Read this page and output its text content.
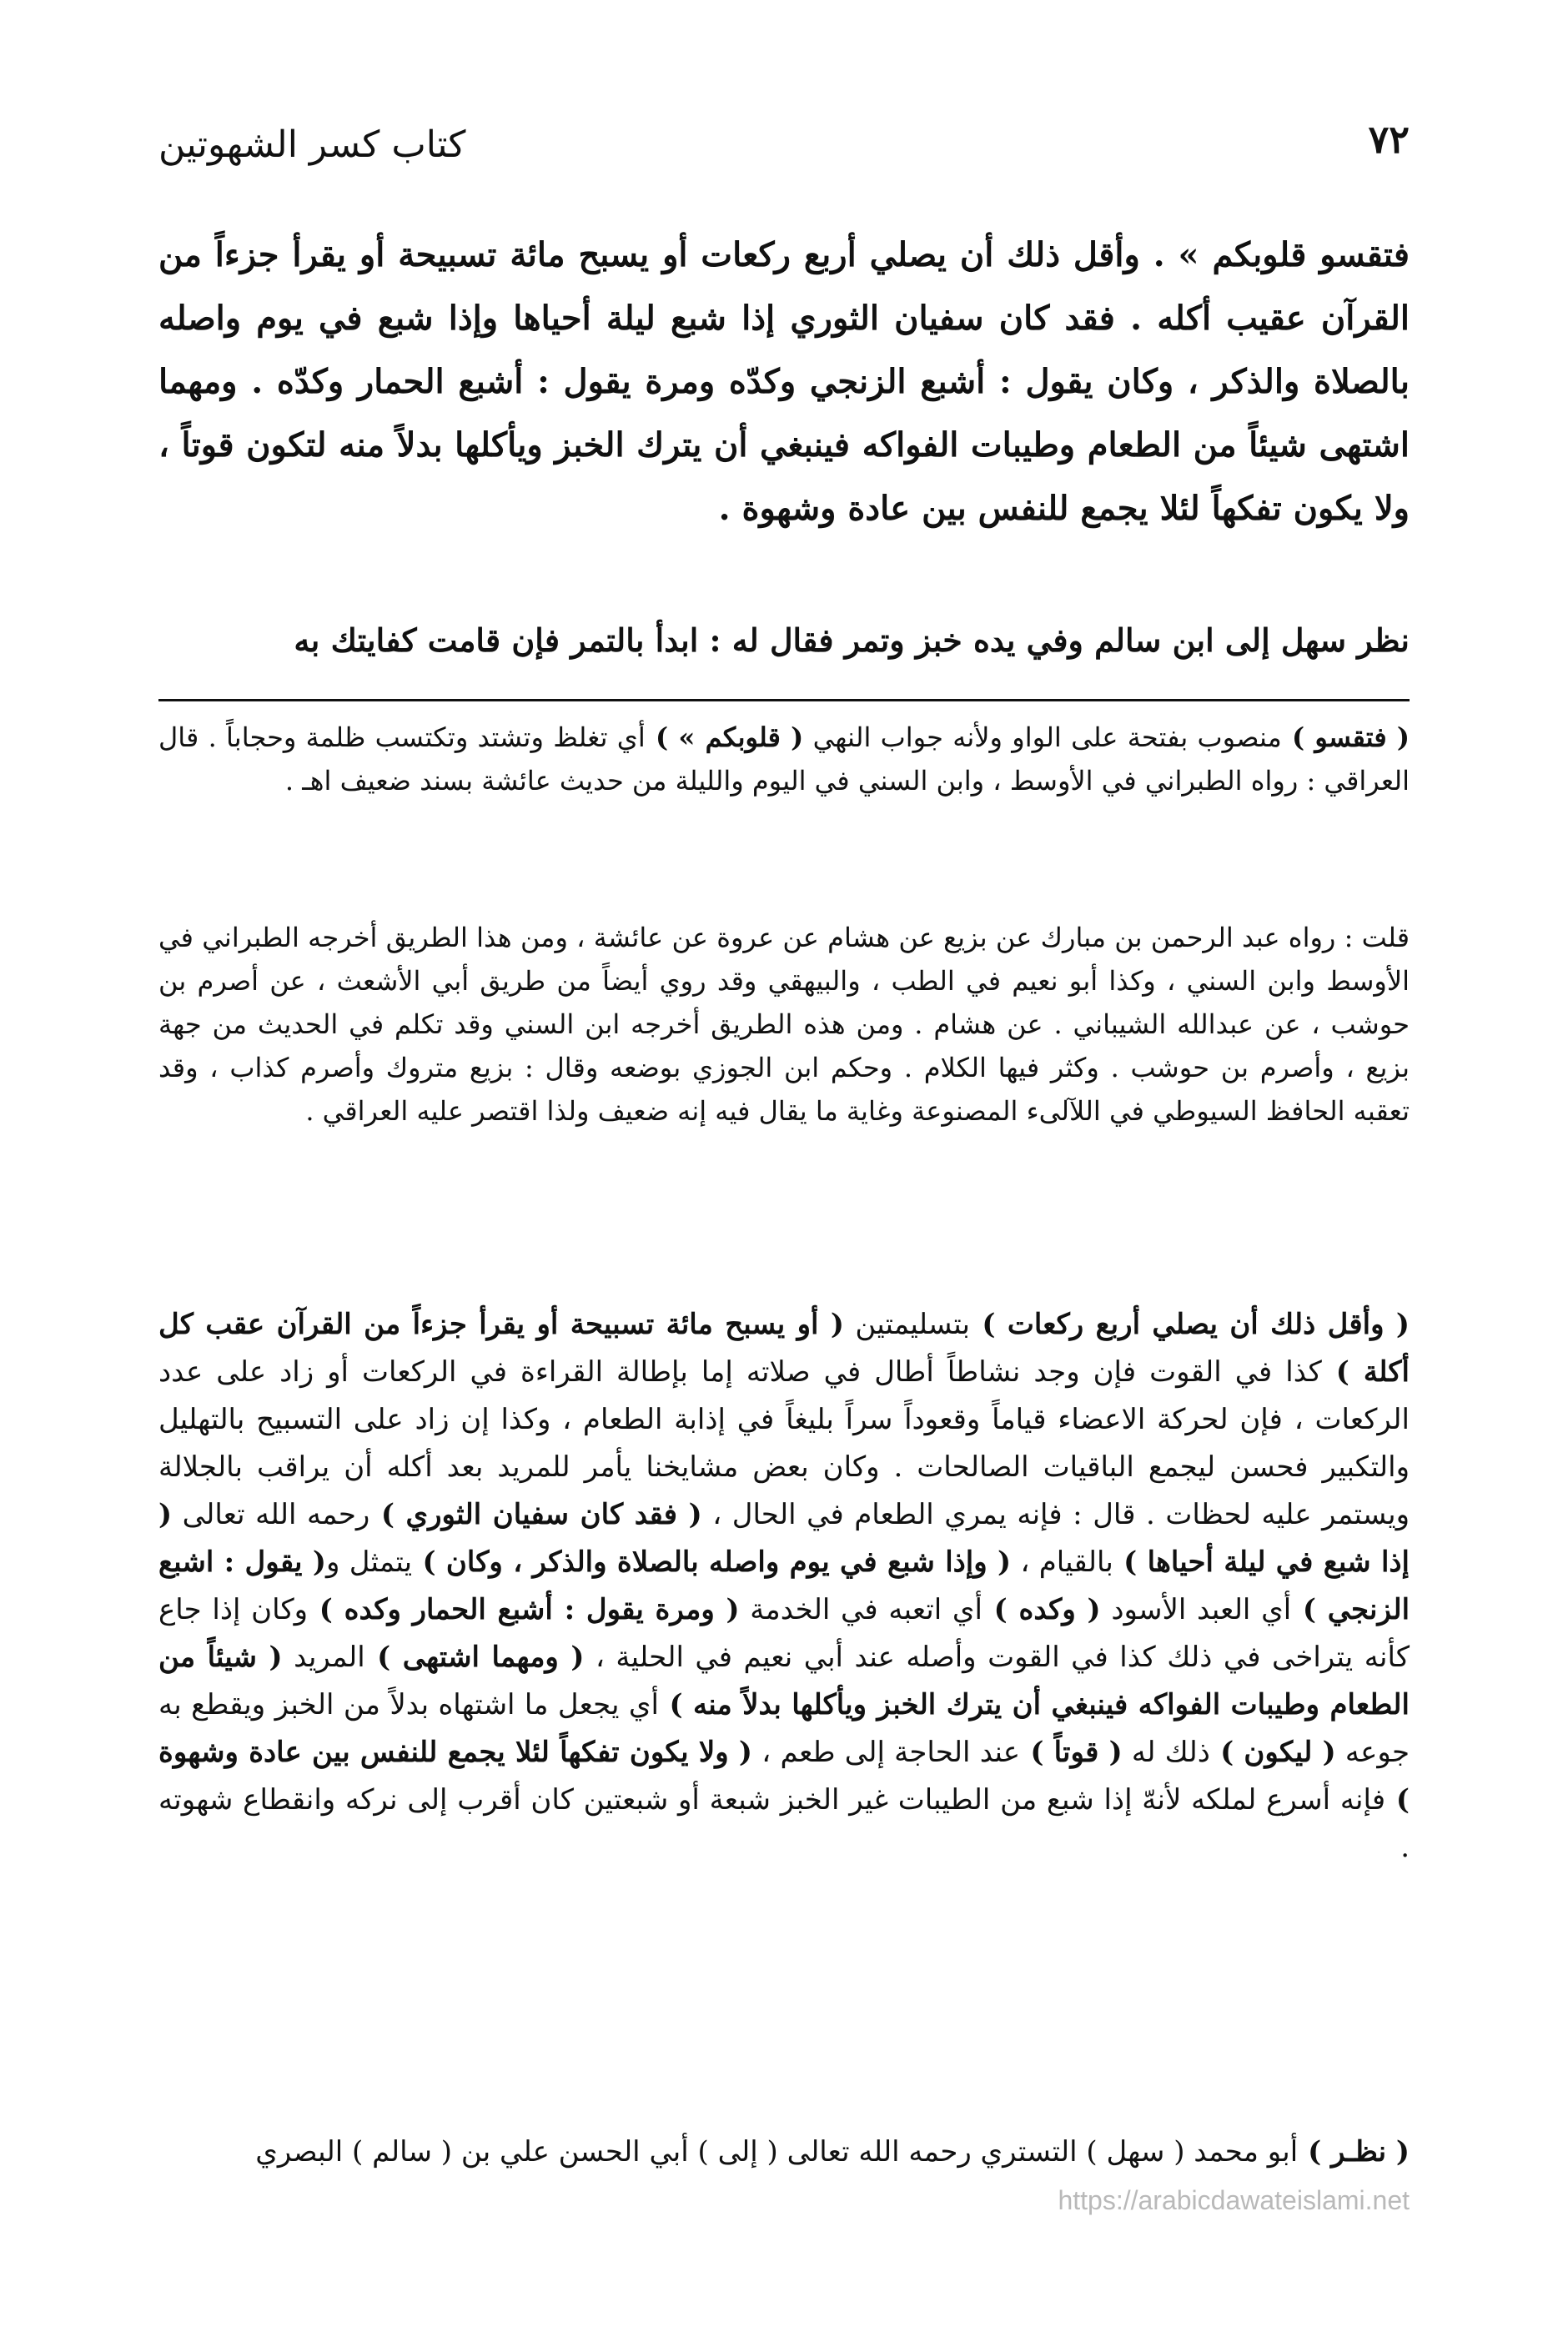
٧٢
كتاب كسر الشهوتين
فتقسو قلوبكم » . وأقل ذلك أن يصلي أربع ركعات أو يسبح مائة تسبيحة أو يقرأ جزءاً من القرآن عقيب أكله . فقد كان سفيان الثوري إذا شبع ليلة أحياها وإذا شبع في يوم واصله بالصلاة والذكر ، وكان يقول : أشبع الزنجي وكدّه ومرة يقول : أشبع الحمار وكدّه . ومهما اشتهى شيئاً من الطعام وطيبات الفواكه فينبغي أن يترك الخبز ويأكلها بدلاً منه لتكون قوتاً ، ولا يكون تفكهاً لئلا يجمع للنفس بين عادة وشهوة .
نظر سهل إلى ابن سالم وفي يده خبز وتمر فقال له : ابدأ بالتمر فإن قامت كفايتك به
( فتقسو ) منصوب بفتحة على الواو ولأنه جواب النهي ( قلوبكم » ) أي تغلظ وتشتد وتكتسب ظلمة وحجاباً . قال العراقي : رواه الطبراني في الأوسط ، وابن السني في اليوم والليلة من حديث عائشة بسند ضعيف اهـ .
قلت : رواه عبد الرحمن بن مبارك عن بزيع عن هشام عن عروة عن عائشة ، ومن هذا الطريق أخرجه الطبراني في الأوسط وابن السني ، وكذا أبو نعيم في الطب ، والبيهقي وقد روي أيضاً من طريق أبي الأشعث ، عن أصرم بن حوشب ، عن عبدالله الشيباني . عن هشام . ومن هذه الطريق أخرجه ابن السني وقد تكلم في الحديث من جهة بزيع ، وأصرم بن حوشب . وكثر فيها الكلام . وحكم ابن الجوزي بوضعه وقال : بزيع متروك وأصرم كذاب ، وقد تعقبه الحافظ السيوطي في اللآلىء المصنوعة وغاية ما يقال فيه إنه ضعيف ولذا اقتصر عليه العراقي .
( وأقل ذلك أن يصلي أربع ركعات ) بتسليمتين ( أو يسبح مائة تسبيحة أو يقرأ جزءاً من القرآن عقب كل أكلة ) كذا في القوت فإن وجد نشاطاً أطال في صلاته إما بإطالة القراءة في الركعات أو زاد على عدد الركعات ، فإن لحركة الاعضاء قياماً وقعوداً سراً بليغاً في إذابة الطعام ، وكذا إن زاد على التسبيح بالتهليل والتكبير فحسن ليجمع الباقيات الصالحات . وكان بعض مشايخنا يأمر للمريد بعد أكله أن يراقب بالجلالة ويستمر عليه لحظات . قال : فإنه يمري الطعام في الحال ، ( فقد كان سفيان الثوري ) رحمه الله تعالى ( إذا شبع في ليلة أحياها ) بالقيام ، ( وإذا شبع في يوم واصله بالصلاة والذكر ، وكان ) يتمثل و( يقول : اشبع الزنجي ) أي العبد الأسود ( وكده ) أي اتعبه في الخدمة ( ومرة يقول : أشبع الحمار وكده ) وكان إذا جاع كأنه يتراخى في ذلك كذا في القوت وأصله عند أبي نعيم في الحلية ، ( ومهما اشتهى ) المريد ( شيئاً من الطعام وطيبات الفواكه فينبغي أن يترك الخبز ويأكلها بدلاً منه ) أي يجعل ما اشتهاه بدلاً من الخبز ويقطع به جوعه ( ليكون ) ذلك له ( قوتاً ) عند الحاجة إلى طعم ، ( ولا يكون تفكهاً لئلا يجمع للنفس بين عادة وشهوة ) فإنه أسرع لملكه لأنهّ إذا شبع من الطيبات غير الخبز شبعة أو شبعتين كان أقرب إلى نركه وانقطاع شهوته .
( نظـر ) أبو محمد ( سهل ) التستري رحمه الله تعالى ( إلى ) أبي الحسن علي بن ( سالم ) البصري
https://arabicdawateislami.net
